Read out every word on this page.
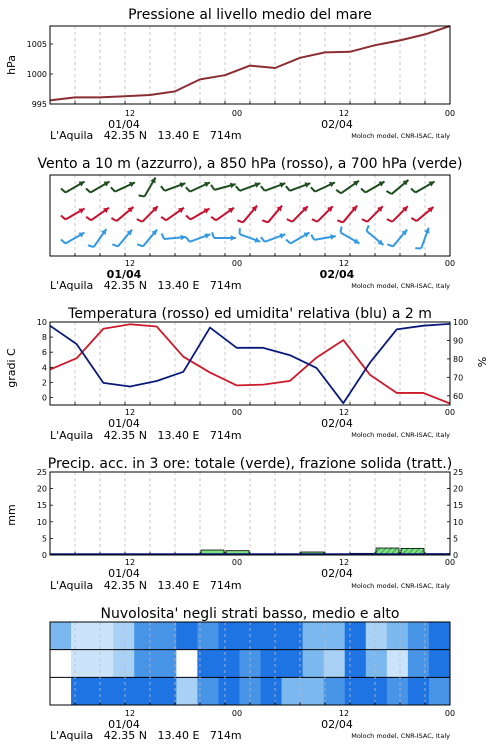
Pressione al livello medio del mare
hPa
995
1000
1005
12	00	12	00
01/04	02/04
L'Aquila   42.35 N   13.40 E   714m	Moloch model, CNR-ISAC, Italy
Vento a 10 m (azzurro), a 850 hPa (rosso), a 700 hPa (verde)
12	00	12	00
01/04	02/04
L'Aquila   42.35 N   13.40 E   714m	Moloch model, CNR-ISAC, Italy
Temperatura (rosso) ed umidita' relativa (blu) a 2 m
gradi C	%
0
2
4
6
8
10
60
70
80
90
100
12	00	12	00
01/04	02/04
L'Aquila   42.35 N   13.40 E   714m	Moloch model, CNR-ISAC, Italy
Precip. acc. in 3 ore: totale (verde), frazione solida (tratt.)
mm
0
5
10
15
20
25
0
5
10
15
20
25
12	00	12	00
01/04	02/04
L'Aquila   42.35 N   13.40 E   714m	Moloch model, CNR-ISAC, Italy
Nuvolosita' negli strati basso, medio e alto
12	00	12	00
01/04	02/04
L'Aquila   42.35 N   13.40 E   714m	Moloch model, CNR-ISAC, Italy
